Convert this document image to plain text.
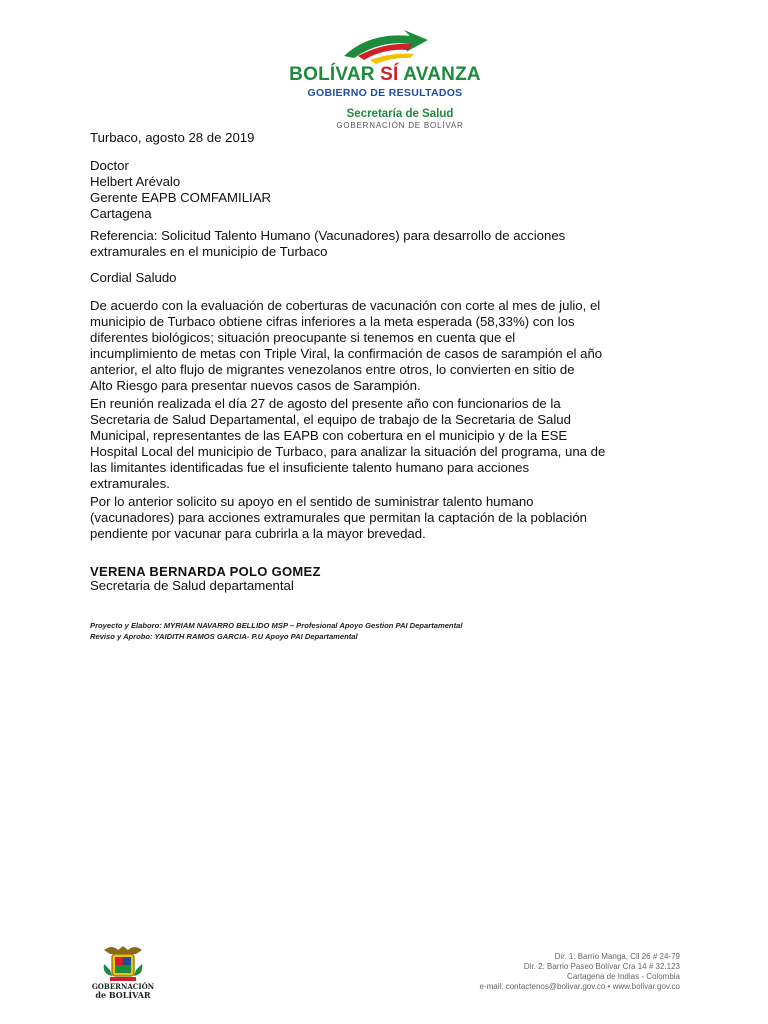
BOLÍVAR SÍ AVANZA
GOBIERNO DE RESULTADOS
Secretaría de Salud
GOBERNACIÓN DE BOLÍVAR
Turbaco, agosto 28 de 2019
Doctor
Helbert Arévalo
Gerente EAPB COMFAMILIAR
Cartagena
Referencia: Solicitud Talento Humano (Vacunadores) para desarrollo de acciones
extramurales en el municipio de Turbaco
Cordial Saludo
De acuerdo con la evaluación de coberturas de vacunación con corte al mes de julio, el
municipio de Turbaco obtiene cifras inferiores a la meta esperada (58,33%) con los
diferentes biológicos; situación preocupante si tenemos en cuenta que el
incumplimiento de metas con Triple Viral, la confirmación de casos de sarampión el año
anterior, el alto flujo de migrantes venezolanos entre otros, lo convierten en sitio de
Alto Riesgo para presentar nuevos casos de Sarampión.
En reunión realizada el día 27 de agosto del presente año con funcionarios de la
Secretaria de Salud Departamental, el equipo de trabajo de la Secretaria de Salud
Municipal, representantes de las EAPB con cobertura en el municipio y de la ESE
Hospital Local del municipio de Turbaco, para analizar la situación del programa, una de
las limitantes identificadas fue el insuficiente talento humano para acciones
extramurales.
Por lo anterior solicito su apoyo en el sentido de suministrar talento humano
(vacunadores) para acciones extramurales que permitan la captación de la población
pendiente por vacunar para cubrirla a la mayor brevedad.
VERENA BERNARDA POLO GOMEZ
Secretaria de Salud departamental
Proyecto y Elaboro: MYRIAM NAVARRO BELLIDO MSP – Profesional Apoyo Gestion PAI Departamental
Reviso y Aprobo: YAIDITH RAMOS GARCIA- P.U Apoyo PAI Departamental
GOBERNACIÓN
de BOLÍVAR
Dir. 1: Barrio Manga, Cll 26 # 24-79
Dir. 2: Barrio Paseo Bolívar Cra 14 # 32.123
Cartagena de Indias - Colombia
e-mail: contactenos@bolivar.gov.co • www.bolivar.gov.co
